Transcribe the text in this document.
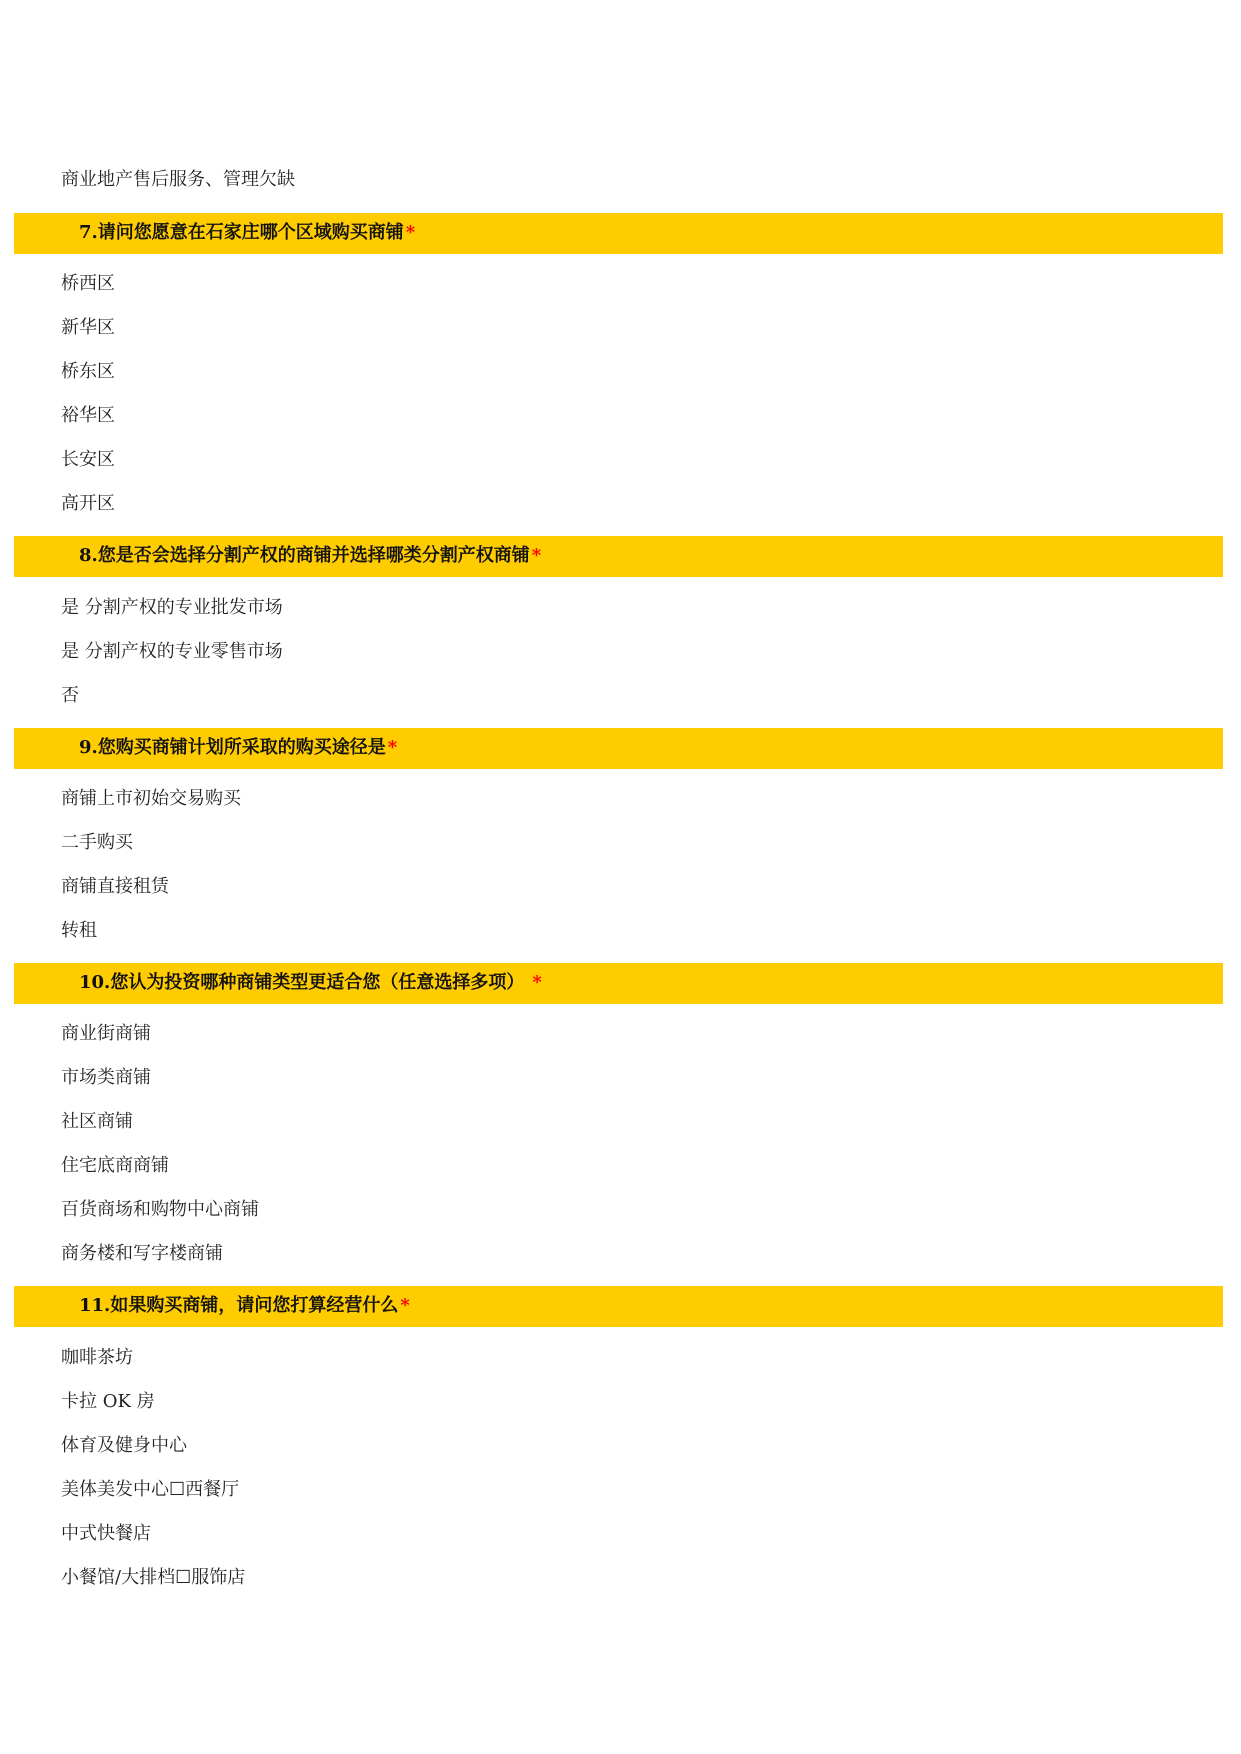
商业地产售后服务、管理欠缺
7.请问您愿意在石家庄哪个区域购买商铺 *
桥西区
新华区
桥东区
裕华区
长安区
高开区
8.您是否会选择分割产权的商铺并选择哪类分割产权商铺 *
是 分割产权的专业批发市场
是 分割产权的专业零售市场
否
9.您购买商铺计划所采取的购买途径是 *
商铺上市初始交易购买
二手购买
商铺直接租赁
转租
10.您认为投资哪种商铺类型更适合您（任意选择多项） *
商业街商铺
市场类商铺
社区商铺
住宅底商商铺
百货商场和购物中心商铺
商务楼和写字楼商铺
11.如果购买商铺，请问您打算经营什么 *
咖啡茶坊
卡拉 OK 房
体育及健身中心
美体美发中心☐西餐厅
中式快餐店
小餐馆/大排档☐服饰店
